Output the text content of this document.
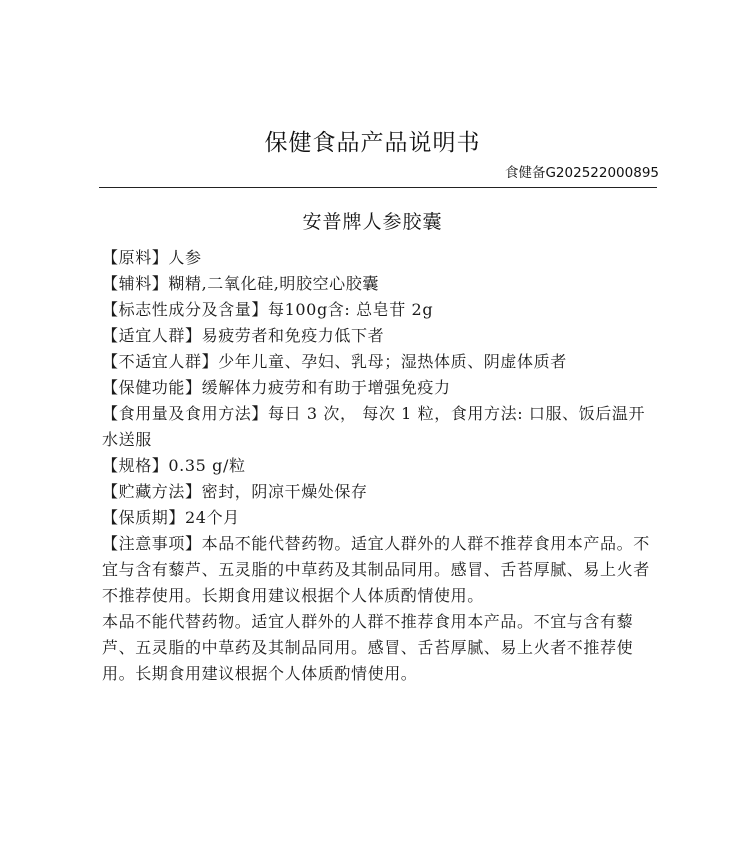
保健食品产品说明书
食健备G202522000895
安普牌人参胶囊

【原料】人参

【辅料】糊精,二氧化硅,明胶空心胶囊

【标志性成分及含量】每100g含: 总皂苷 2g

【适宜人群】易疲劳者和免疫力低下者

【不适宜人群】少年儿童、孕妇、乳母；湿热体质、阴虚体质者

【保健功能】缓解体力疲劳和有助于增强免疫力

【食用量及食用方法】每日 3 次， 每次 1 粒，食用方法: 口服、饭后温开水送服

【规格】0.35 g/粒

【贮藏方法】密封，阴凉干燥处保存

【保质期】24个月

【注意事项】本品不能代替药物。适宜人群外的人群不推荐食用本产品。不宜与含有藜芦、五灵脂的中草药及其制品同用。感冒、舌苔厚腻、易上火者不推荐使用。长期食用建议根据个人体质酌情使用。

本品不能代替药物。适宜人群外的人群不推荐食用本产品。不宜与含有藜芦、五灵脂的中草药及其制品同用。感冒、舌苔厚腻、易上火者不推荐使用。长期食用建议根据个人体质酌情使用。
